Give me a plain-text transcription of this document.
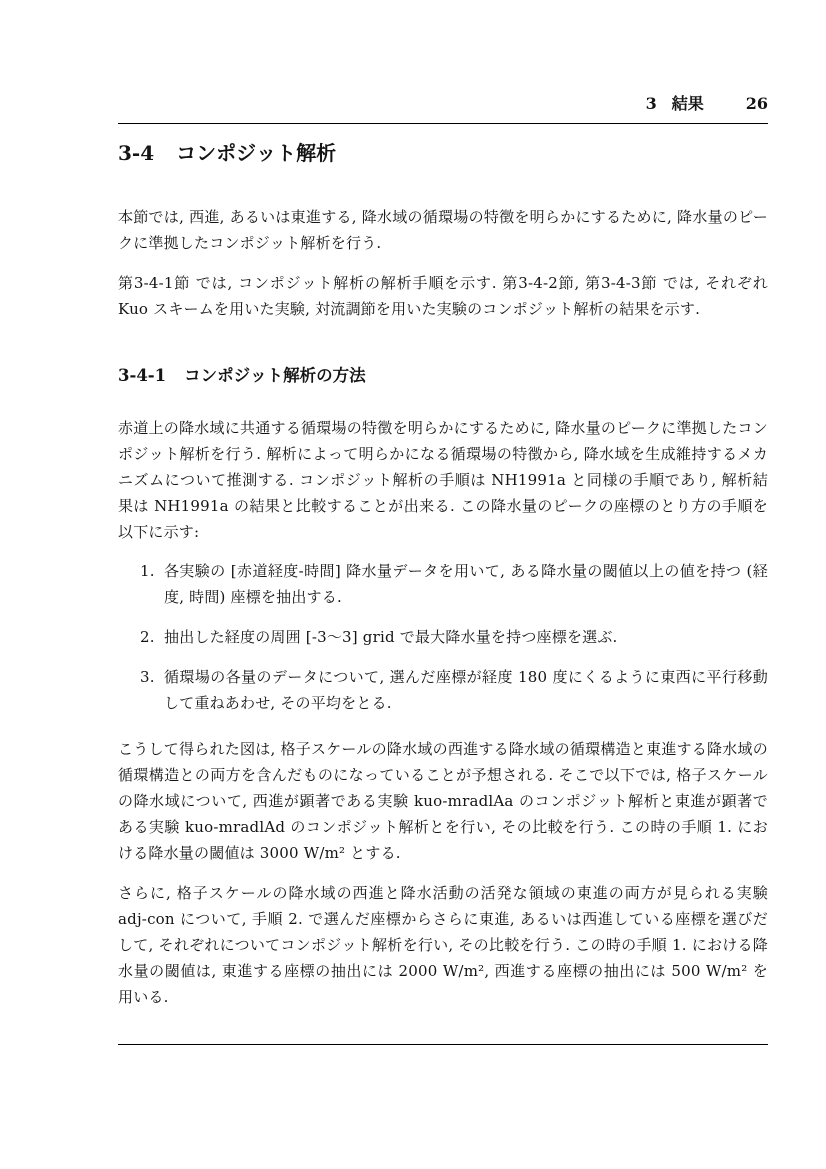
3 結果	26
3-4 コンポジット解析

本節では, 西進, あるいは東進する, 降水域の循環場の特徴を明らかにするために, 降水量のピークに準拠したコンポジット解析を行う.

第3-4-1節 では, コンポジット解析の解析手順を示す. 第3-4-2節, 第3-4-3節 では, それぞれ Kuo スキームを用いた実験, 対流調節を用いた実験のコンポジット解析の結果を示す.

3-4-1 コンポジット解析の方法

赤道上の降水域に共通する循環場の特徴を明らかにするために, 降水量のピークに準拠したコンポジット解析を行う. 解析によって明らかになる循環場の特徴から, 降水域を生成維持するメカニズムについて推測する. コンポジット解析の手順は NH1991a と同様の手順であり, 解析結果は NH1991a の結果と比較することが出来る. この降水量のピークの座標のとり方の手順を以下に示す:

1. 各実験の [赤道経度-時間] 降水量データを用いて, ある降水量の閾値以上の値を持つ (経度, 時間) 座標を抽出する.
2. 抽出した経度の周囲 [-3〜3] grid で最大降水量を持つ座標を選ぶ.
3. 循環場の各量のデータについて, 選んだ座標が経度 180 度にくるように東西に平行移動して重ねあわせ, その平均をとる.

こうして得られた図は, 格子スケールの降水域の西進する降水域の循環構造と東進する降水域の循環構造との両方を含んだものになっていることが予想される. そこで以下では, 格子スケールの降水域について, 西進が顕著である実験 kuo-mradlAa のコンポジット解析と東進が顕著である実験 kuo-mradlAd のコンポジット解析とを行い, その比較を行う. この時の手順 1. における降水量の閾値は 3000 W/m² とする.

さらに, 格子スケールの降水域の西進と降水活動の活発な領域の東進の両方が見られる実験 adj-con について, 手順 2. で選んだ座標からさらに東進, あるいは西進している座標を選びだして, それぞれについてコンポジット解析を行い, その比較を行う. この時の手順 1. における降水量の閾値は, 東進する座標の抽出には 2000 W/m², 西進する座標の抽出には 500 W/m² を用いる.
